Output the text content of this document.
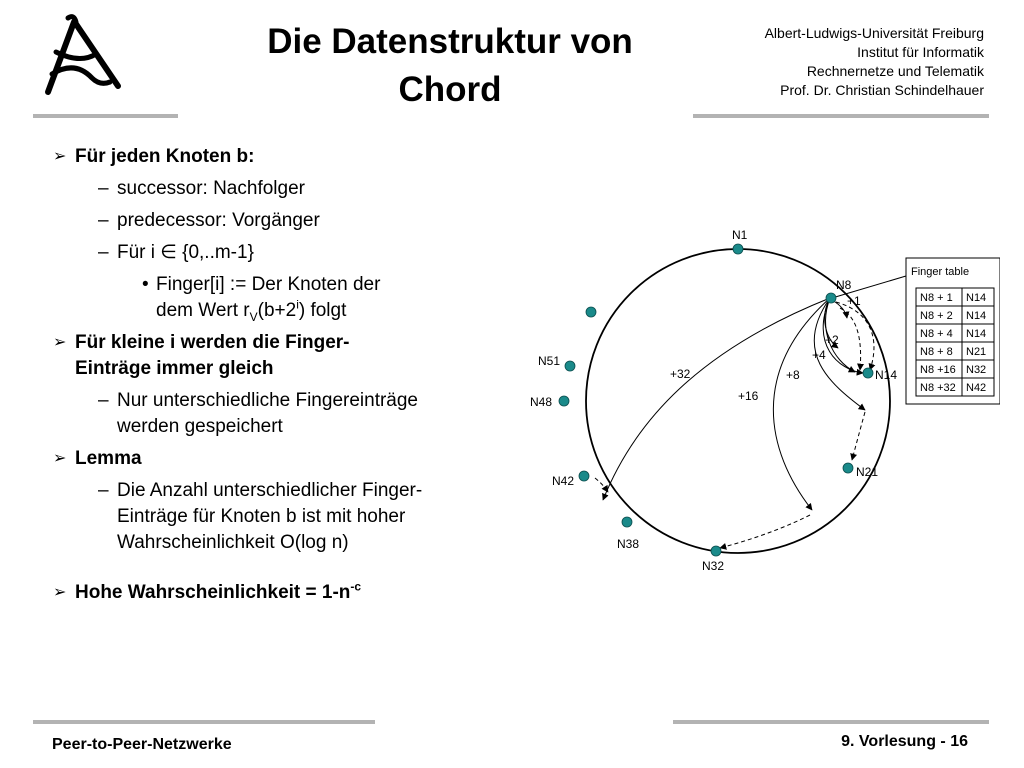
Die Datenstruktur von
Chord
Albert-Ludwigs-Universität Freiburg
Institut für Informatik
Rechnernetze und Telematik
Prof. Dr. Christian Schindelhauer
➢ Für jeden Knoten b:
– successor: Nachfolger
– predecessor: Vorgänger
– Für i ∈ {0,..m-1}
• Finger[i] := Der Knoten der
dem Wert $r_V(b+2^i)$ folgt
➢ Für kleine i werden die Finger-
Einträge immer gleich
– Nur unterschiedliche Fingereinträge
werden gespeichert
➢ Lemma
– Die Anzahl unterschiedlicher Finger-
Einträge für Knoten b ist mit hoher
Wahrscheinlichkeit O(log n)
➢ Hohe Wahrscheinlichkeit = $1-n^{-c}$
N1
N8
N14
N21
N32
N38
N42
N48
N51
+1
+2
+4
+8
+16
+32
Finger table
N8 + 1 N14
N8 + 2 N14
N8 + 4 N14
N8 + 8 N21
N8 +16 N32
N8 +32 N42
Peer-to-Peer-Netzwerke	9. Vorlesung - 16
